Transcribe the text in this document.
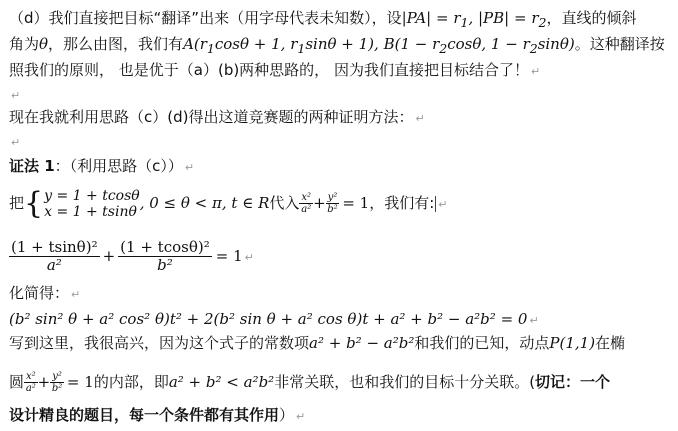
（d）我们直接把目标“翻译”出来（用字母代表未知数），设$|PA| = r_1$, $|PB| = r_2$，直线的倾斜
角为θ，那么由图，我们有$A(r_1\cos\theta + 1$, $r_1\sin\theta + 1$), $B(1 - r_2\cos\theta$, $1 - r_2\sin\theta$)。这种翻译按
照我们的原则， 也是优于（a）(b)两种思路的， 因为我们直接把目标结合了！ ↵
↵
现在我就利用思路（c）(d)得出这道竞赛题的两种证明方法： ↵
↵
证法 1：（利用思路（c）） ↵
把{ y = 1 + tcosθ
x = 1 + tsinθ , 0 ≤ θ < π, t ∈ R代入 $\frac{\text{x²}}{\text{a²}} + \frac{\text{y²}}{\text{b²}} = 1$，我们有: ↵
$\frac{\text{(1 + tsinθ)²}}{\text{a²}} + \frac{\text{(1 + tcosθ)²}}{\text{b²}} = 1$ ↵
化简得： ↵
(b² sin² θ + a² cos² θ)t² + 2(b² sin θ + a² cos θ)t + a² + b² − a²b² = 0 ↵
写到这里，我很高兴，因为这个式子的常数项a² + b² − a²b²和我们的已知，动点P(1,1)在椭
圆 $\frac{\text{x²}}{\text{a²}} + \frac{\text{y²}}{\text{b²}} = 1$的内部，即a² + b² < a²b²非常关联，也和我们的目标十分关联。(切记：一个
设计精良的题目，每一个条件都有其作用） ↵
